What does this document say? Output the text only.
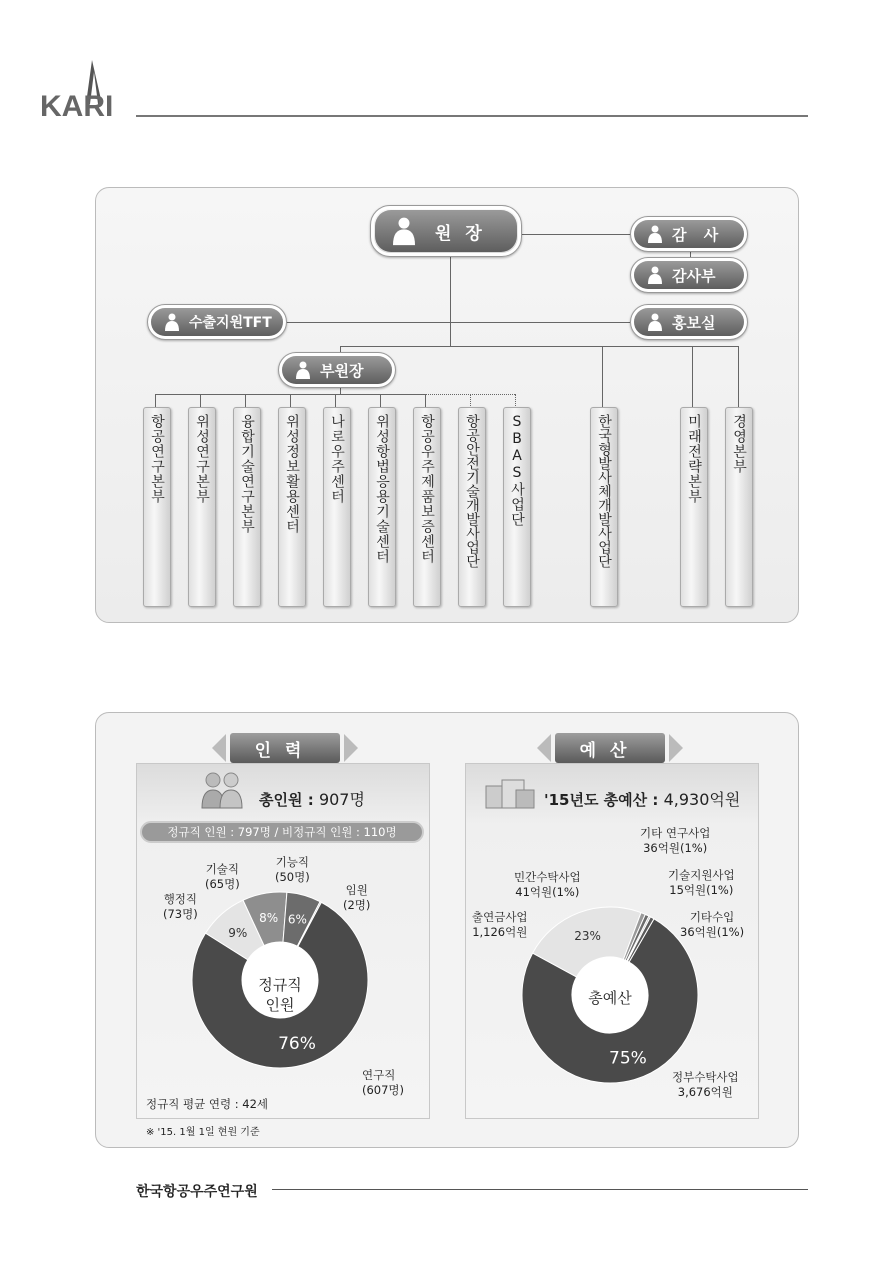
KARI
원 장	감 사
감사부
수출지원TFT	홍보실
부원장
항공연구본부	위성연구본부	융합기술연구본부	위성정보활용센터	나로우주센터	위성항법응용기술센터	항공우주제품보증센터	항공안전기술개발사업단	SBAS사업단	한국형발사체개발사업단	미래전략본부	경영본부
인력	예산
총인원 : 907명
정규직 인원 : 797명 / 비정규직 인원 : 110명
76%
9%
8% 6%
정규직
인원
연구직
(607명)
행정직
(73명)
기술직
(65명)
기능직
(50명)
임원
(2명)
정규직 평균 연령 : 42세
※ '15. 1월 1일 현원 기준
'15년도 총예산 : 4,930억원
75%
23%
총예산
정부수탁사업
3,676억원
출연금사업
1,126억원
민간수탁사업
41억원(1%)
기타 연구사업
36억원(1%)
기술지원사업
15억원(1%)
기타수입
36억원(1%)
한국항공우주연구원
